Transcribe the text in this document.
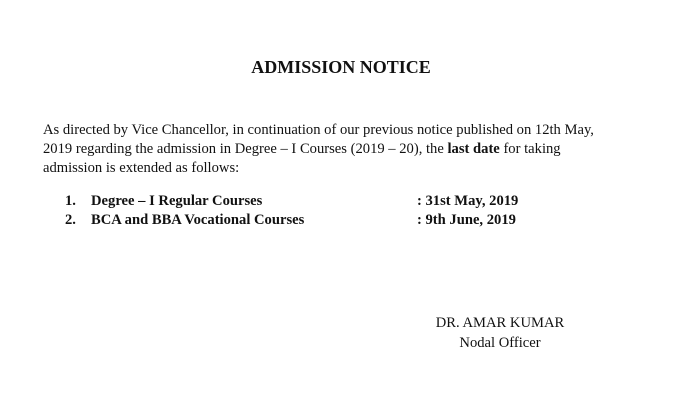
ADMISSION NOTICE
As directed by Vice Chancellor, in continuation of our previous notice published on 12th May,
2019 regarding the admission in Degree – I Courses (2019 – 20), the last date for taking
admission is extended as follows:
1. Degree – I Regular Courses	: 31st May, 2019
2. BCA and BBA Vocational Courses	: 9th June, 2019
DR. AMAR KUMAR
Nodal Officer
